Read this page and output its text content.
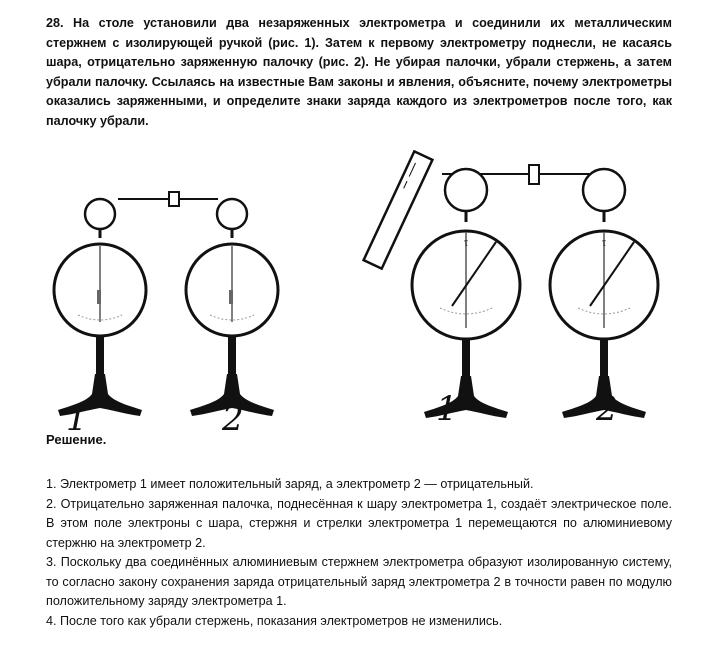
28. На столе установили два незаряженных электрометра и соединили их металлическим стержнем с изолирующей ручкой (рис. 1). Затем к первому электрометру поднесли, не касаясь шара, отрицательно заряженную палочку (рис. 2). Не убирая палочки, убрали стержень, а затем убрали палочку. Ссылаясь на известные Вам законы и явления, объясните, почему электрометры оказались заряженными, и определите знаки заряда каждого из электрометров после того, как палочку убрали.
1	2
τ	τ
1	2
Решение.

1. Электрометр 1 имеет положительный заряд, а электрометр 2 — отрицательный.

2. Отрицательно заряженная палочка, поднесённая к шару электрометра 1, создаёт электрическое поле. В этом поле электроны с шара, стержня и стрелки электрометра 1 перемещаются по алюминиевому стержню на электрометр 2.

3. Поскольку два соединённых алюминиевым стержнем электрометра образуют изолированную систему, то согласно закону сохранения заряда отрицательный заряд электрометра 2 в точности равен по модулю положительному заряду электрометра 1.

4. После того как убрали стержень, показания электрометров не изменились.
